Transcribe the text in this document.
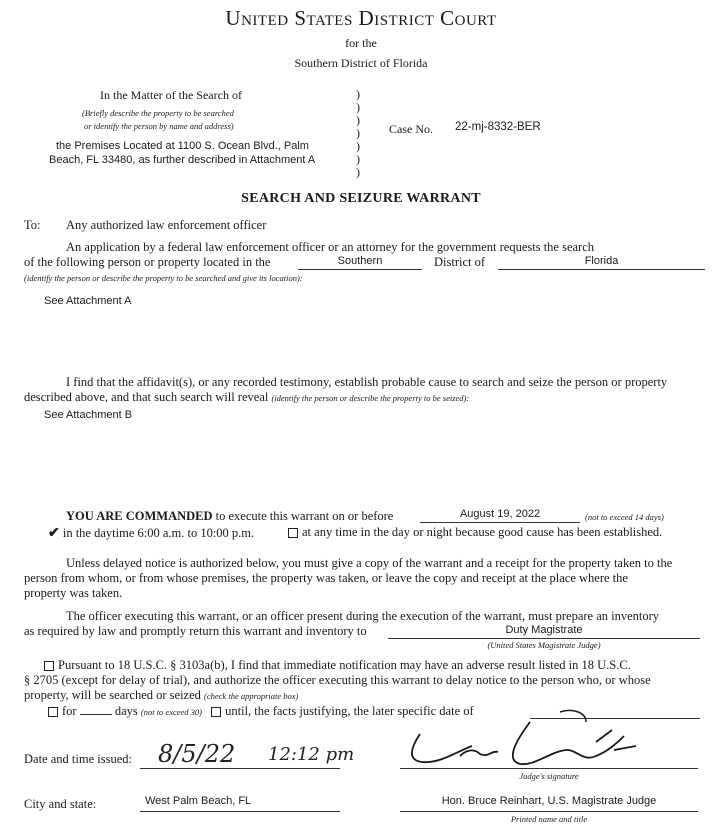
United States District Court
for the
Southern District of Florida
In the Matter of the Search of
(Briefly describe the property to be searched
or identify the person by name and address)
the Premises Located at 1100 S. Ocean Blvd., Palm
Beach, FL 33480, as further described in Attachment A
)
)
)
)
)
)
)
Case No. 22-mj-8332-BER
SEARCH AND SEIZURE WARRANT
To: Any authorized law enforcement officer
An application by a federal law enforcement officer or an attorney for the government requests the search
of the following person or property located in the	Southern	District of	Florida
(identify the person or describe the property to be searched and give its location):
See Attachment A
I find that the affidavit(s), or any recorded testimony, establish probable cause to search and seize the person or property
described above, and that such search will reveal (identify the person or describe the property to be seized):
See Attachment B
YOU ARE COMMANDED to execute this warrant on or before	August 19, 2022	(not to exceed 14 days)
✔ in the daytime 6:00 a.m. to 10:00 p.m.	at any time in the day or night because good cause has been established.
Unless delayed notice is authorized below, you must give a copy of the warrant and a receipt for the property taken to the
person from whom, or from whose premises, the property was taken, or leave the copy and receipt at the place where the
property was taken.
The officer executing this warrant, or an officer present during the execution of the warrant, must prepare an inventory
as required by law and promptly return this warrant and inventory to	Duty Magistrate
(United States Magistrate Judge)
Pursuant to 18 U.S.C. § 3103a(b), I find that immediate notification may have an adverse result listed in 18 U.S.C.
§ 2705 (except for delay of trial), and authorize the officer executing this warrant to delay notice to the person who, or whose
property, will be searched or seized (check the appropriate box)
for	days (not to exceed 30) until, the facts justifying, the later specific date of
Date and time issued: 8/5/22 12:12 pm
Judge's signature
City and state:	West Palm Beach, FL	Hon. Bruce Reinhart, U.S. Magistrate Judge
Printed name and title
